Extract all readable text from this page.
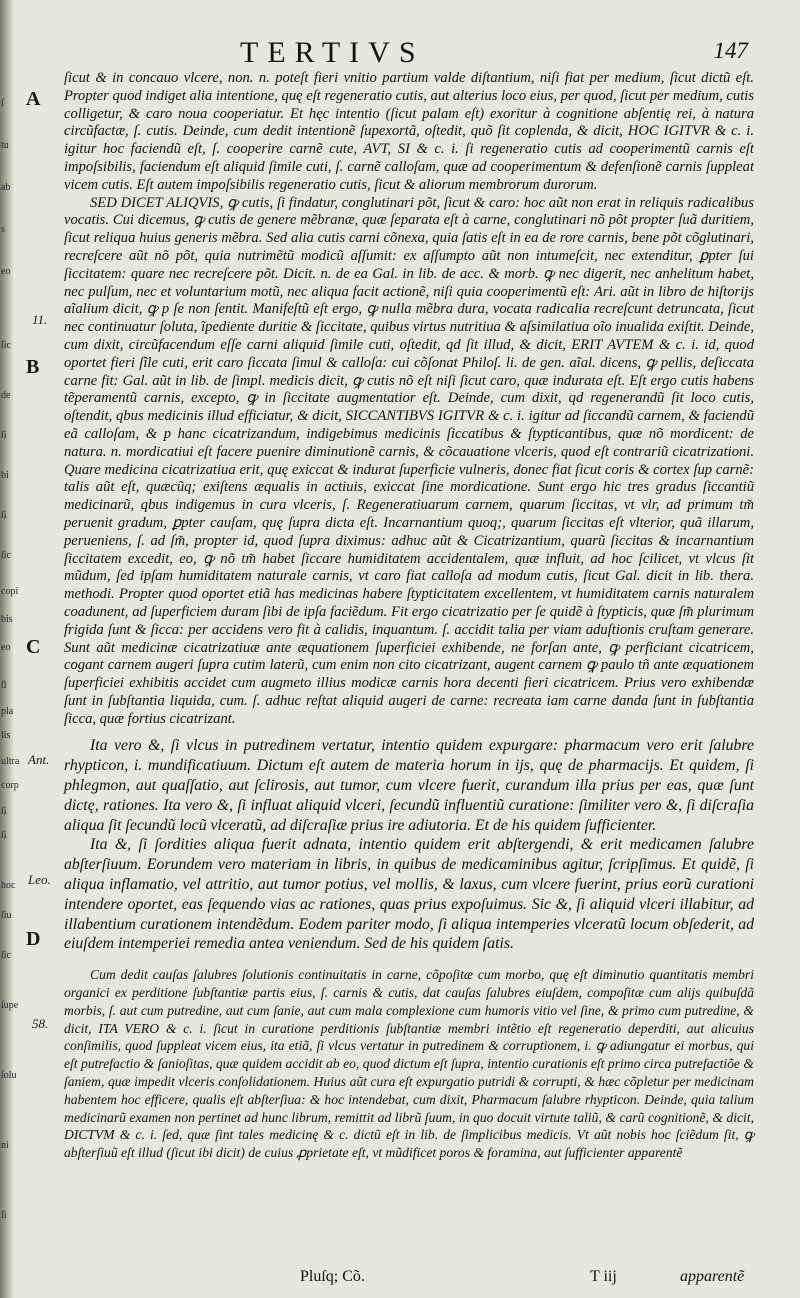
ſ
tu
ab
s
eo
ſic
de
ſi
bi
ſi
ſic
copi
bis
eo
ſl
pla
lis
ultra
corp
ſi
ſi
hoc
ſiu
ſic
ſupe
ſolu
ni
ſi
TERTIVS	147
A
11.
B
C
Ant.
Leo.
D
58.

ſicut & in concauo vlcere, non. n. poteſt fieri vnitio partium valde diſtantium, niſi fiat per medium, ſicut dictũ eſt. Propter quod indiget alia intentione, quę eſt regeneratio cutis, aut alterius loco eius, per quod, ſicut per medium, cutis colligetur, & caro noua cooperiatur. Et hęc intentio (ſicut palam eſt) exoritur à cognitione abſentię rei, à natura circũfactæ, ſ. cutis. Deinde, cum dedit intentionẽ ſupexortã, oſtedit, quõ ſit coplenda, & dicit, HOC IGITVR & c. i. igitur hoc faciendũ eſt, ſ. cooperire carnẽ cute, AVT, SI & c. i. ſi regeneratio cutis ad cooperimentũ carnis eſt impoſsibilis, faciendum eſt aliquid ſimile cuti, ſ. carnẽ calloſam, quæ ad cooperimentum & defenſionẽ carnis ſuppleat vicem cutis. Eſt autem impoſsibilis regeneratio cutis, ſicut & aliorum membrorum durorum.

SED DICET ALIQVIS, ꝙ cutis, ſi findatur, conglutinari põt, ſicut & caro: hoc aũt non erat in reliquis radicalibus vocatis. Cui dicemus, ꝙ cutis de genere mẽbranæ, quæ ſeparata eſt à carne, conglutinari nõ põt propter ſuã duritiem, ſicut reliqua huius generis mẽbra. Sed alia cutis carni cõnexa, quia ſatis eſt in ea de rore carnis, bene põt cõglutinari, recreſcere aũt nõ põt, quia nutrimẽtũ modicũ aſſumit: ex aſſumpto aũt non intumeſcit, nec extenditur, ꝑpter ſui ſiccitatem: quare nec recreſcere põt. Dicit. n. de ea Gal. in lib. de acc. & morb. ꝙ nec digerit, nec anhelitum habet, nec pulſum, nec et voluntarium motũ, nec aliqua facit actionẽ, niſi quia cooperimentũ eſt: Ari. aũt in libro de hiſtorijs aĩalium dicit, ꝙ p ſe non ſentit. Manifeſtũ eſt ergo, ꝙ nulla mẽbra dura, vocata radicalia recreſcunt detruncata, ſicut nec continuatur ſoluta, ĩpediente duritie & ſiccitate, quibus virtus nutritiua & aſsimilatiua oĩo inualida exiſtit. Deinde, cum dixit, circũfacendum eſſe carni aliquid ſimile cuti, oſtedit, qd ſit illud, & dicit, ERIT AVTEM & c. i. id, quod oportet fieri ſĩle cuti, erit caro ſiccata ſimul & calloſa: cui cõſonat Philoſ. li. de gen. aĩal. dicens, ꝙ pellis, deſiccata carne fit: Gal. aũt in lib. de ſimpl. medicis dicit, ꝙ cutis nõ eſt niſi ſicut caro, quæ indurata eſt. Eſt ergo cutis habens tẽperamentũ carnis, excepto, ꝙ in ſiccitate augmentatior eſt. Deinde, cum dixit, qd regenerandũ ſit loco cutis, oſtendit, qbus medicinis illud efficiatur, & dicit, SICCANTIBVS IGITVR & c. i. igitur ad ſiccandũ carnem, & faciendũ eã calloſam, & p hanc cicatrizandum, indigebimus medicinis ſiccatibus & ſtypticantibus, quæ nõ mordicent: de natura. n. mordicatiui eſt facere puenire diminutionẽ carnis, & cõcauatione vlceris, quod eſt contrariũ cicatrizationi. Quare medicina cicatrizatiua erit, quę exiccat & indurat ſuperficie vulneris, donec fiat ſicut coris & cortex ſup carnẽ: talis aũt eſt, quæcũq; exiſtens æqualis in actiuis, exiccat ſine mordicatione. Sunt ergo hic tres gradus ſiccantiũ medicinarũ, qbus indigemus in cura vlceris, ſ. Regeneratiuarum carnem, quarum ſiccitas, vt vlr, ad primum tm̃ peruenit gradum, ꝑpter cauſam, quę ſupra dicta eſt. Incarnantium quoq;, quarum ſiccitas eſt vlterior, quã illarum, perueniens, ſ. ad ſm̃, propter id, quod ſupra diximus: adhuc aũt & Cicatrizantium, quarũ ſiccitas & incarnantium ſiccitatem excedit, eo, ꝙ nõ tm̃ habet ſiccare humiditatem accidentalem, quæ influit, ad hoc ſcilicet, vt vlcus ſit mũdum, ſed ipſam humiditatem naturale carnis, vt caro fiat calloſa ad modum cutis, ſicut Gal. dicit in lib. thera. methodi. Propter quod oportet etiã has medicinas habere ſtypticitatem excellentem, vt humiditatem carnis naturalem coadunent, ad ſuperficiem duram ſibi de ipſa faciẽdum. Fit ergo cicatrizatio per ſe quidẽ à ſtypticis, quæ ſm̃ plurimum frigida ſunt & ſicca: per accidens vero fit à calidis, inquantum. ſ. accidit talia per viam aduſtionis cruſtam generare. Sunt aũt medicinæ cicatrizatiuæ ante æquationem ſuperficiei exhibende, ne forſan ante, ꝙ perficiant cicatricem, cogant carnem augeri ſupra cutim laterũ, cum enim non cito cicatrizant, augent carnem ꝙ paulo tñ ante æquationem ſuperficiei exhibitis accidet cum augmeto illius modicæ carnis hora decenti fieri cicatricem. Prius vero exhibendæ ſunt in ſubſtantia liquida, cum. ſ. adhuc reſtat aliquid augeri de carne: recreata iam carne danda ſunt in ſubſtantia ſicca, quæ fortius cicatrizant.

Ita vero &, ſi vlcus in putredinem vertatur, intentio quidem expurgare: pharmacum vero erit ſalubre rhypticon, i. mundificatiuum. Dictum eſt autem de materia horum in ijs, quę de pharmacijs. Et quidem, ſi phlegmon, aut quaſſatio, aut ſclirosis, aut tumor, cum vlcere fuerit, curandum illa prius per eas, quæ ſunt dictę, rationes. Ita vero &, ſi influat aliquid vlceri, ſecundũ influentiũ curatione: ſimiliter vero &, ſi diſcraſia aliqua ſit ſecundũ locũ vlceratũ, ad diſcraſiæ prius ire adiutoria. Et de his quidem ſufficienter.

Ita &, ſi ſordities aliqua fuerit adnata, intentio quidem erit abſtergendi, & erit medicamen ſalubre abſterſiuum. Eorundem vero materiam in libris, in quibus de medicaminibus agitur, ſcripſimus. Et quidẽ, ſi aliqua inflamatio, vel attritio, aut tumor potius, vel mollis, & laxus, cum vlcere fuerint, prius eorũ curationi intendere oportet, eas ſequendo vias ac rationes, quas prius expoſuimus. Sic &, ſi aliquid vlceri illabitur, ad illabentium curationem intendẽdum. Eodem pariter modo, ſi aliqua intemperies vlceratũ locum obſederit, ad eiuſdem intemperiei remedia antea veniendum. Sed de his quidem ſatis.

Cum dedit cauſas ſalubres ſolutionis continuitatis in carne, cõpoſitæ cum morbo, quę eſt diminutio quantitatis membri organici ex perditione ſubſtantiæ partis eius, ſ. carnis & cutis, dat cauſas ſalubres eiuſdem, compoſitæ cum alijs quibuſdã morbis, ſ. aut cum putredine, aut cum ſanie, aut cum mala complexione cum humoris vitio vel ſine, & primo cum putredine, & dicit, ITA VERO & c. i. ſicut in curatione perditionis ſubſtantiæ membri intẽtio eſt regeneratio deperditi, aut alicuius conſimilis, quod ſuppleat vicem eius, ita etiã, ſi vlcus vertatur in putredinem & corruptionem, i. ꝙ adiungatur ei morbus, qui eſt putrefactio & ſanioſitas, quæ quidem accidit ab eo, quod dictum eſt ſupra, intentio curationis eſt primo circa putrefactiõe & ſaniem, quæ impedit vlceris conſolidationem. Huius aũt cura eſt expurgatio putridi & corrupti, & hæc cõpletur per medicinam habentem hoc efficere, qualis eſt abſterſiua: & hoc intendebat, cum dixit, Pharmacum ſalubre rhypticon. Deinde, quia talium medicinarũ examen non pertinet ad hunc librum, remittit ad librũ ſuum, in quo docuit virtute taliũ, & carũ cognitionẽ, & dicit, DICTVM & c. i. ſed, quæ ſint tales medicinę & c. dictũ eſt in lib. de ſimplicibus medicis. Vt aũt nobis hoc ſciẽdum ſit, ꝙ abſterſiuũ eſt illud (ſicut ibi dicit) de cuius ꝓprietate eſt, vt mũdificet poros & foramina, aut ſufficienter apparentẽ

Pluſq; Cõ.	T iij	apparentẽ
